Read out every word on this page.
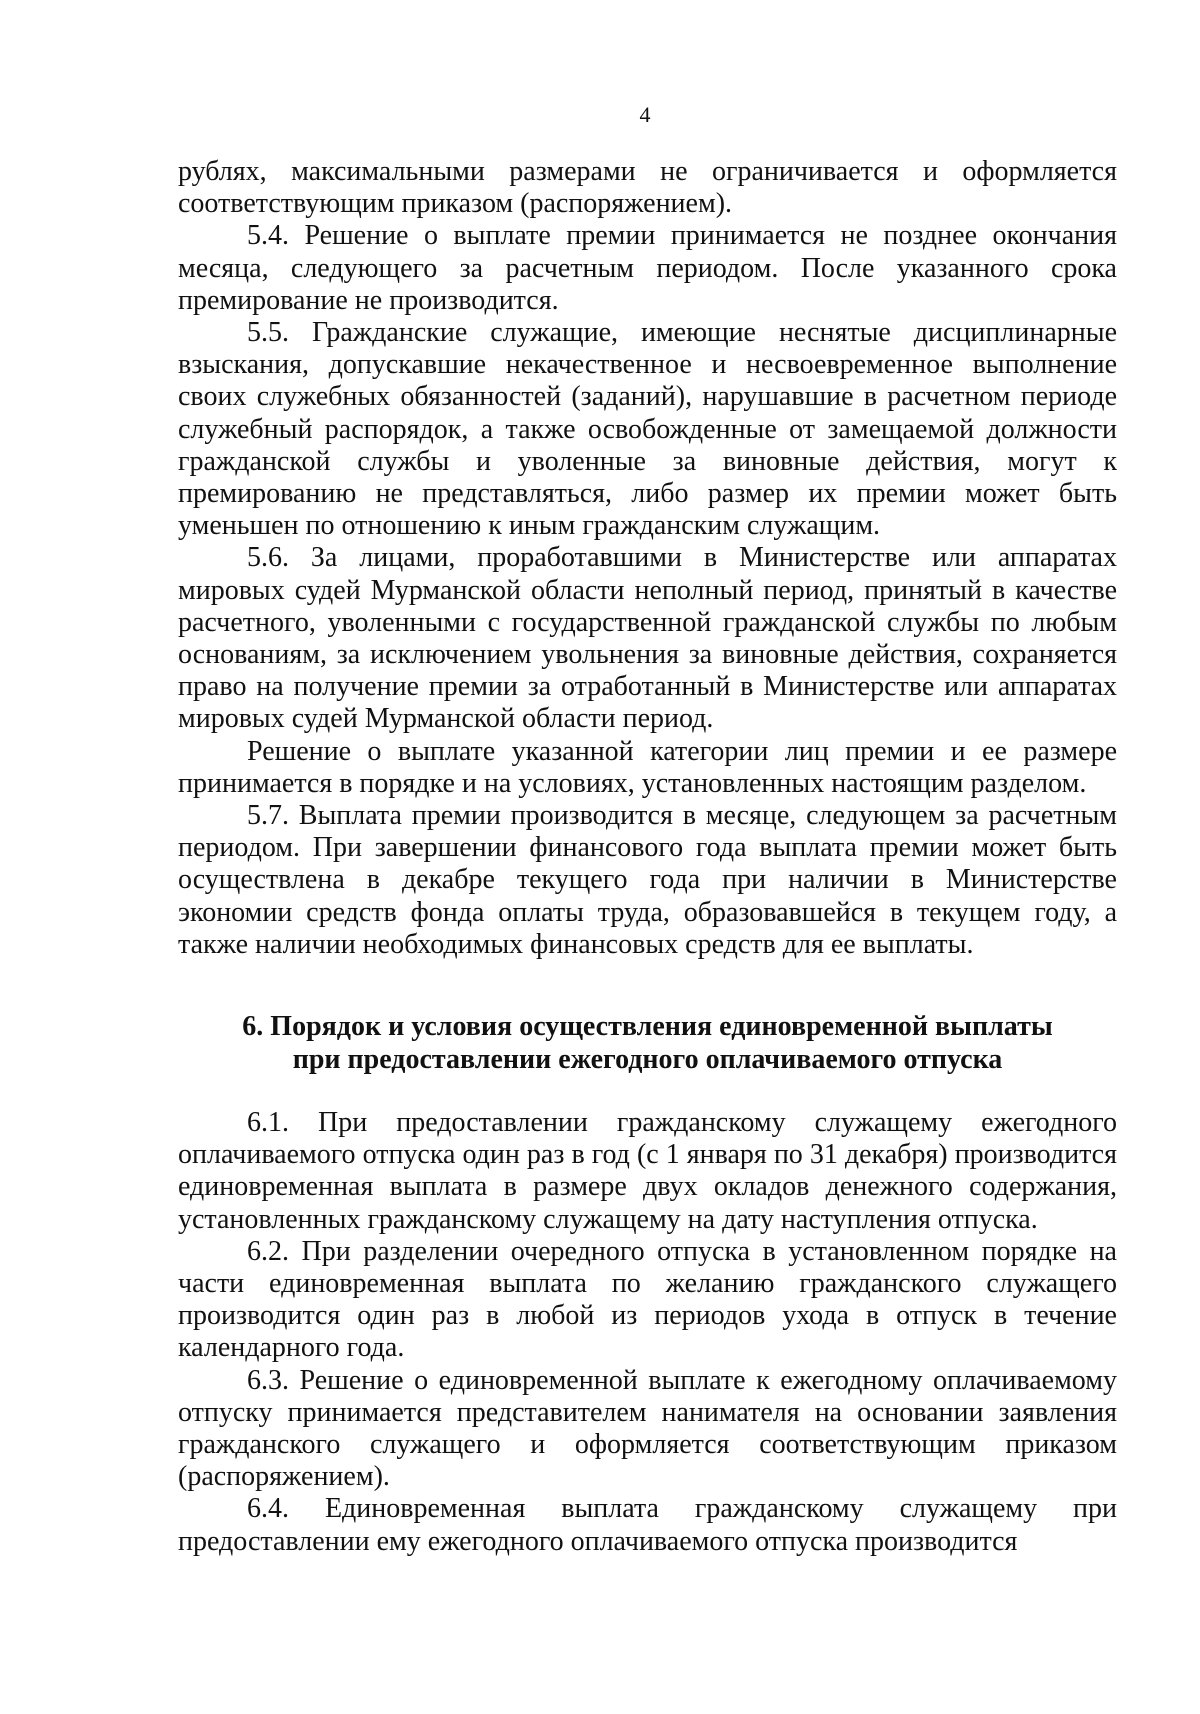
4

рублях, максимальными размерами не ограничивается и оформляется соответствующим приказом (распоряжением).

5.4. Решение о выплате премии принимается не позднее окончания месяца, следующего за расчетным периодом. После указанного срока премирование не производится.

5.5. Гражданские служащие, имеющие неснятые дисциплинарные взыскания, допускавшие некачественное и несвоевременное выполнение своих служебных обязанностей (заданий), нарушавшие в расчетном периоде служебный распорядок, а также освобожденные от замещаемой должности гражданской службы и уволенные за виновные действия, могут к премированию не представляться, либо размер их премии может быть уменьшен по отношению к иным гражданским служащим.

5.6. За лицами, проработавшими в Министерстве или аппаратах мировых судей Мурманской области неполный период, принятый в качестве расчетного, уволенными с государственной гражданской службы по любым основаниям, за исключением увольнения за виновные действия, сохраняется право на получение премии за отработанный в Министерстве или аппаратах мировых судей Мурманской области период.

Решение о выплате указанной категории лиц премии и ее размере принимается в порядке и на условиях, установленных настоящим разделом.

5.7. Выплата премии производится в месяце, следующем за расчетным периодом. При завершении финансового года выплата премии может быть осуществлена в декабре текущего года при наличии в Министерстве экономии средств фонда оплаты труда, образовавшейся в текущем году, а также наличии необходимых финансовых средств для ее выплаты.

6. Порядок и условия осуществления единовременной выплаты
при предоставлении ежегодного оплачиваемого отпуска

6.1. При предоставлении гражданскому служащему ежегодного оплачиваемого отпуска один раз в год (с 1 января по 31 декабря) производится единовременная выплата в размере двух окладов денежного содержания, установленных гражданскому служащему на дату наступления отпуска.

6.2. При разделении очередного отпуска в установленном порядке на части единовременная выплата по желанию гражданского служащего производится один раз в любой из периодов ухода в отпуск в течение календарного года.

6.3. Решение о единовременной выплате к ежегодному оплачиваемому отпуску принимается представителем нанимателя на основании заявления гражданского служащего и оформляется соответствующим приказом (распоряжением).

6.4. Единовременная выплата гражданскому служащему при предоставлении ему ежегодного оплачиваемого отпуска производится
